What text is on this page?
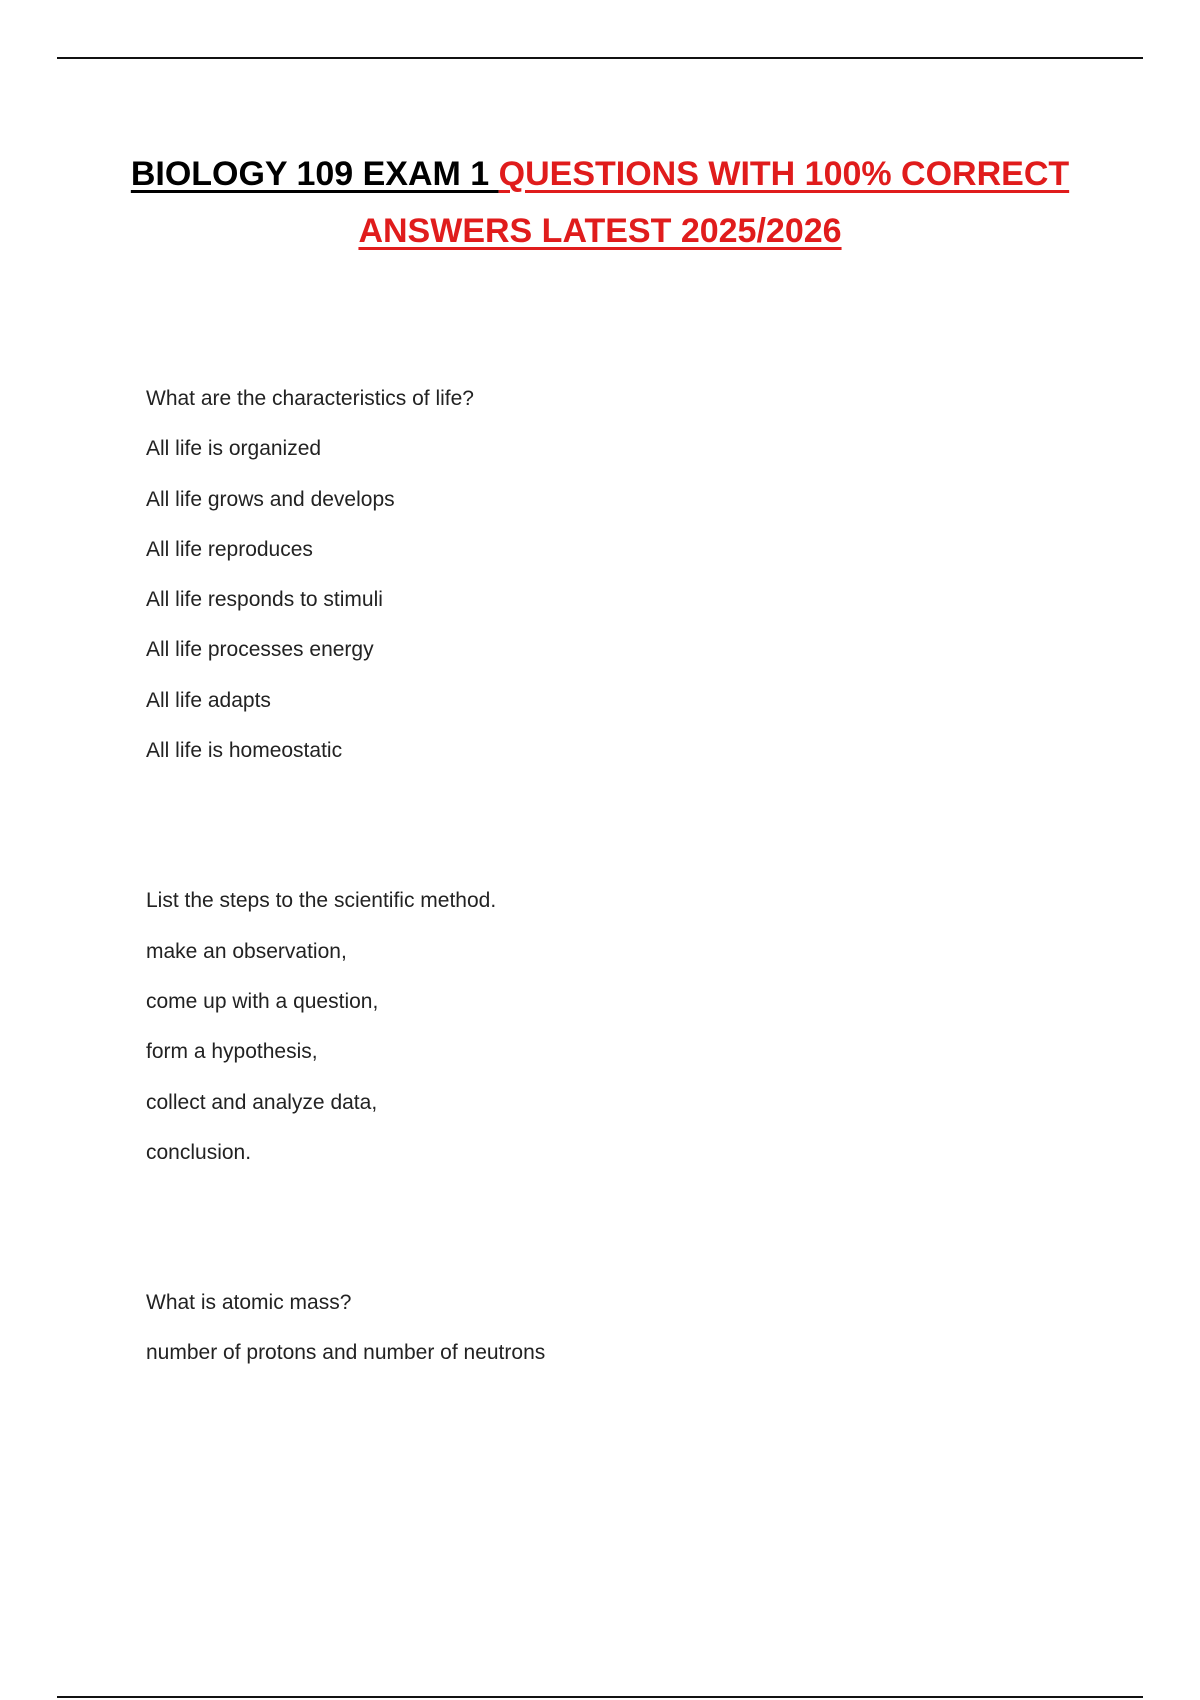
BIOLOGY 109 EXAM 1 QUESTIONS WITH 100% CORRECT ANSWERS LATEST 2025/2026

What are the characteristics of life?

All life is organized

All life grows and develops

All life reproduces

All life responds to stimuli

All life processes energy

All life adapts

All life is homeostatic

List the steps to the scientific method.

make an observation,

come up with a question,

form a hypothesis,

collect and analyze data,

conclusion.

What is atomic mass?

number of protons and number of neutrons
